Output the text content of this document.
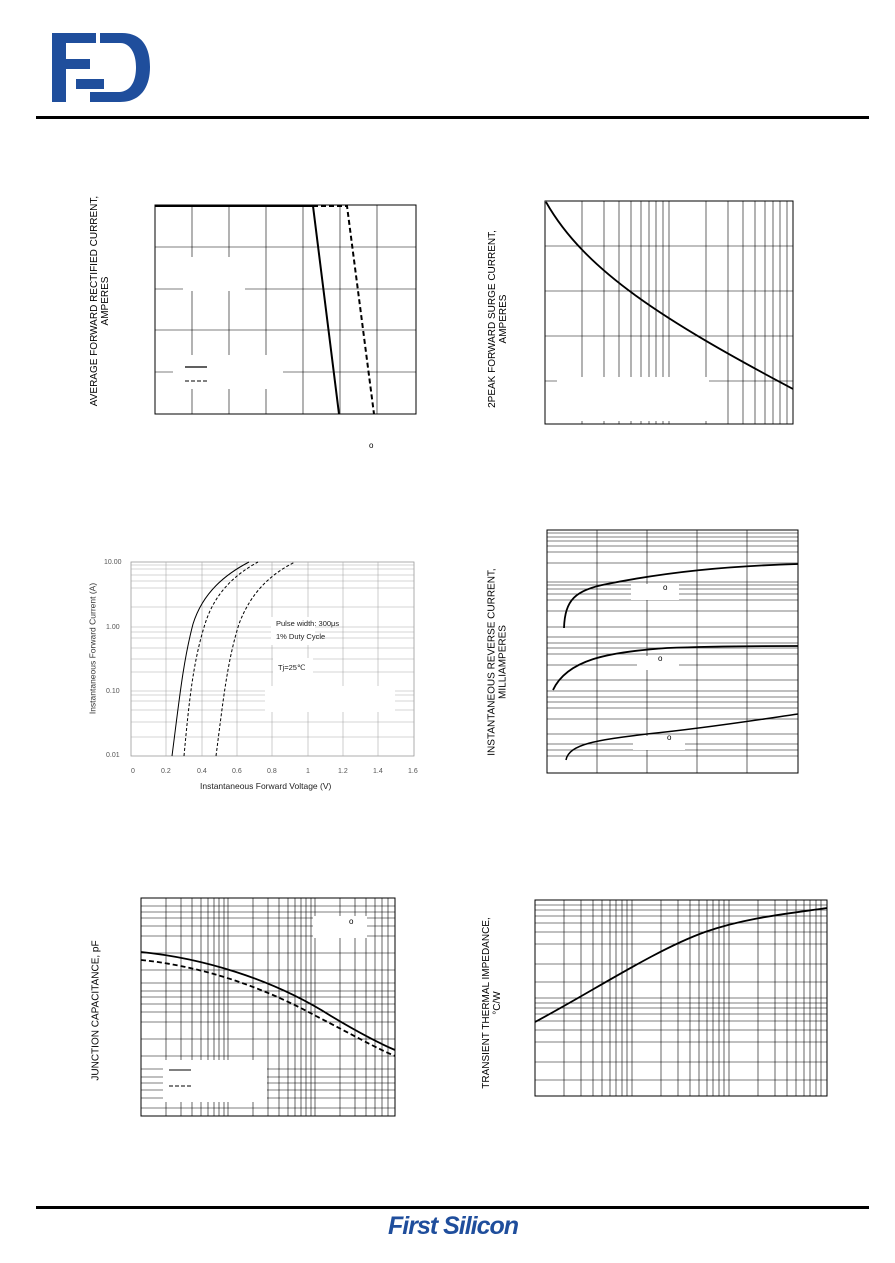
AVERAGE FORWARD RECTIFIED CURRENT, AMPERES
o
2PEAK FORWARD SURGE CURRENT, AMPERES
Instantaneous Forward Current (A)
10.00
1.00
0.10
0.01
0	0.2	0.4	0.6	0.8	1	1.2	1.4	1.6
Instantaneous Forward Voltage (V)
Pulse width: 300μs
1% Duty Cycle
Tj=25℃	INSTANTANEOUS REVERSE CURRENT, MILLIAMPERES
o
o
o
JUNCTION CAPACITANCE, pF
o	TRANSIENT THERMAL IMPEDANCE, °C/W
First Silicon
